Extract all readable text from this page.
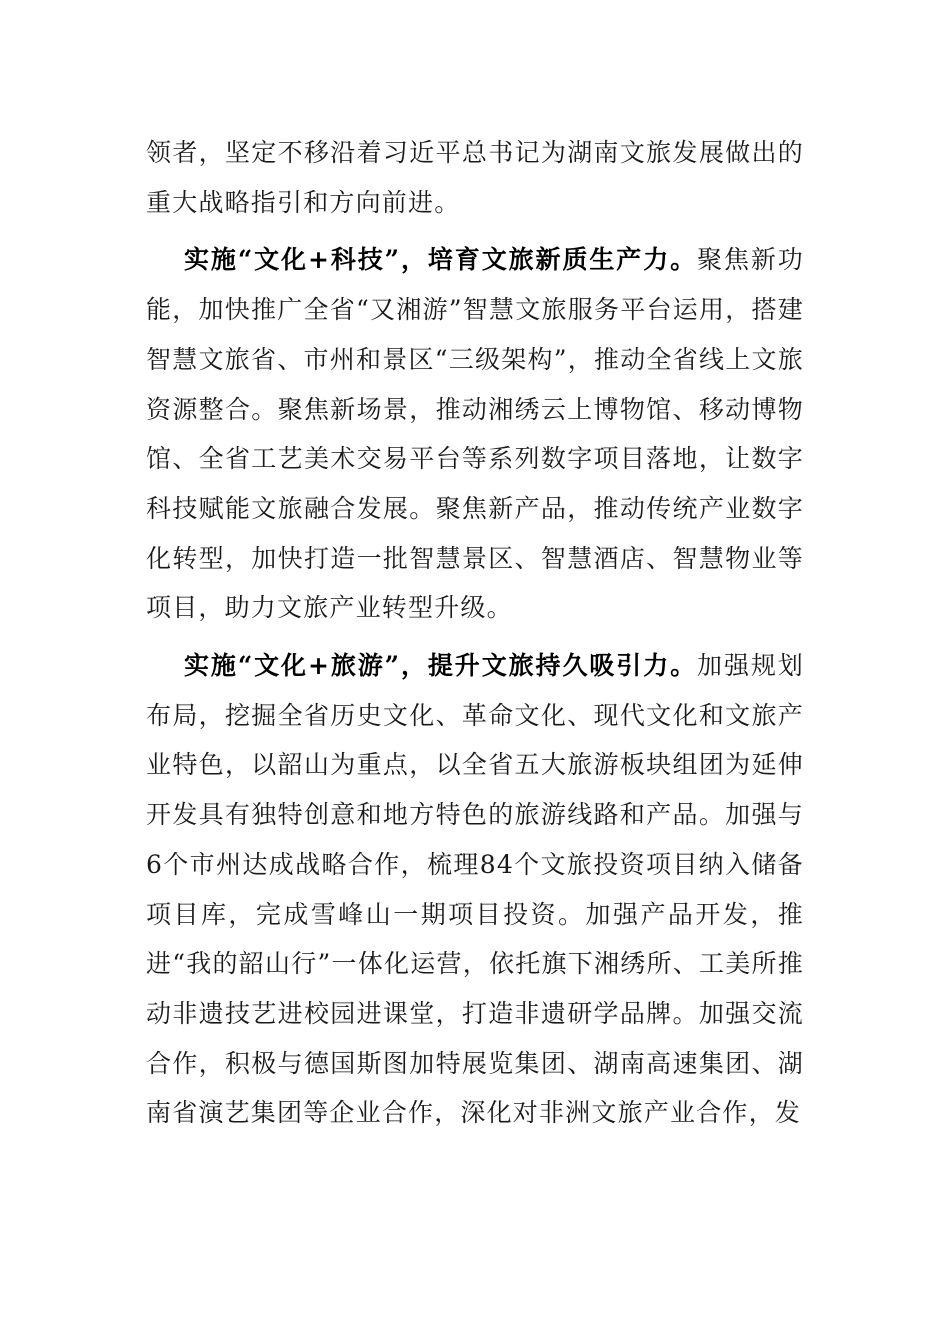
领者，坚定不移沿着习近平总书记为湖南文旅发展做出的重大战略指引和方向前进。

实施“文化+科技”，培育文旅新质生产力。聚焦新功能，加快推广全省“又湘游”智慧文旅服务平台运用，搭建智慧文旅省、市州和景区“三级架构”，推动全省线上文旅资源整合。聚焦新场景，推动湘绣云上博物馆、移动博物馆、全省工艺美术交易平台等系列数字项目落地，让数字科技赋能文旅融合发展。聚焦新产品，推动传统产业数字化转型，加快打造一批智慧景区、智慧酒店、智慧物业等项目，助力文旅产业转型升级。

实施“文化+旅游”，提升文旅持久吸引力。加强规划布局，挖掘全省历史文化、革命文化、现代文化和文旅产业特色，以韶山为重点，以全省五大旅游板块组团为延伸开发具有独特创意和地方特色的旅游线路和产品。加强与6个市州达成战略合作，梳理84个文旅投资项目纳入储备项目库，完成雪峰山一期项目投资。加强产品开发，推进“我的韶山行”一体化运营，依托旗下湘绣所、工美所推动非遗技艺进校园进课堂，打造非遗研学品牌。加强交流合作，积极与德国斯图加特展览集团、湖南高速集团、湖南省演艺集团等企业合作，深化对非洲文旅产业合作，发
